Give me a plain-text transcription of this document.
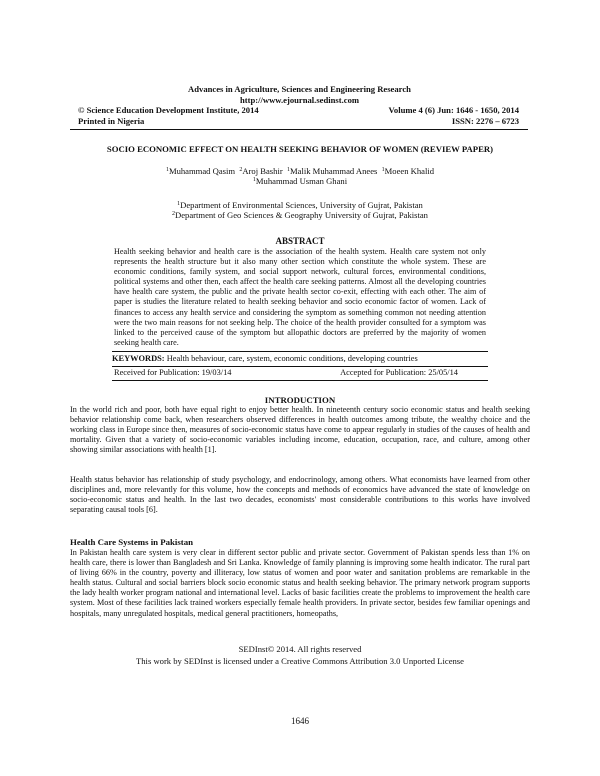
Advances in Agriculture, Sciences and Engineering Research
http://www.ejournal.sedinst.com
© Science Education Development Institute, 2014	Volume 4 (6) Jun: 1646 - 1650, 2014
Printed in Nigeria	ISSN: 2276 – 6723
SOCIO ECONOMIC EFFECT ON HEALTH SEEKING BEHAVIOR OF WOMEN (REVIEW PAPER)
$^1$Muhammad Qasim $^2$Aroj Bashir $^1$Malik Muhammad Anees $^1$Moeen Khalid
$^1$Muhammad Usman Ghani
$^1$Department of Environmental Sciences, University of Gujrat, Pakistan
$^2$Department of Geo Sciences & Geography University of Gujrat, Pakistan
ABSTRACT
Health seeking behavior and health care is the association of the health system. Health care system not only represents the health structure but it also many other section which constitute the whole system. These are economic conditions, family system, and social support network, cultural forces, environmental conditions, political systems and other then, each affect the health care seeking patterns. Almost all the developing countries have health care system, the public and the private health sector co-exit, effecting with each other. The aim of paper is studies the literature related to health seeking behavior and socio economic factor of women. Lack of finances to access any health service and considering the symptom as something common not needing attention were the two main reasons for not seeking help. The choice of the health provider consulted for a symptom was linked to the perceived cause of the symptom but allopathic doctors are preferred by the majority of women seeking health care.
KEYWORDS: Health behaviour, care, system, economic conditions, developing countries
Received for Publication: 19/03/14	Accepted for Publication: 25/05/14
INTRODUCTION
In the world rich and poor, both have equal right to enjoy better health. In nineteenth century socio economic status and health seeking behavior relationship come back, when researchers observed differences in health outcomes among tribute, the wealthy choice and the working class in Europe since then, measures of socio-economic status have come to appear regularly in studies of the causes of health and mortality. Given that a variety of socio-economic variables including income, education, occupation, race, and culture, among other showing similar associations with health [1].
Health status behavior has relationship of study psychology, and endocrinology, among others. What economists have learned from other disciplines and, more relevantly for this volume, how the concepts and methods of economics have advanced the state of knowledge on socio-economic status and health. In the last two decades, economists' most considerable contributions to this works have involved separating causal tools [6].
Health Care Systems in Pakistan
In Pakistan health care system is very clear in different sector public and private sector. Government of Pakistan spends less than 1% on health care, there is lower than Bangladesh and Sri Lanka. Knowledge of family planning is improving some health indicator. The rural part of living 66% in the country, poverty and illiteracy, low status of women and poor water and sanitation problems are remarkable in the health status. Cultural and social barriers block socio economic status and health seeking behavior. The primary network program supports the lady health worker program national and international level. Lacks of basic facilities create the problems to improvement the health care system. Most of these facilities lack trained workers especially female health providers. In private sector, besides few familiar openings and hospitals, many unregulated hospitals, medical general practitioners, homeopaths,
SEDInst© 2014. All rights reserved
This work by SEDInst is licensed under a Creative Commons Attribution 3.0 Unported License
1646
